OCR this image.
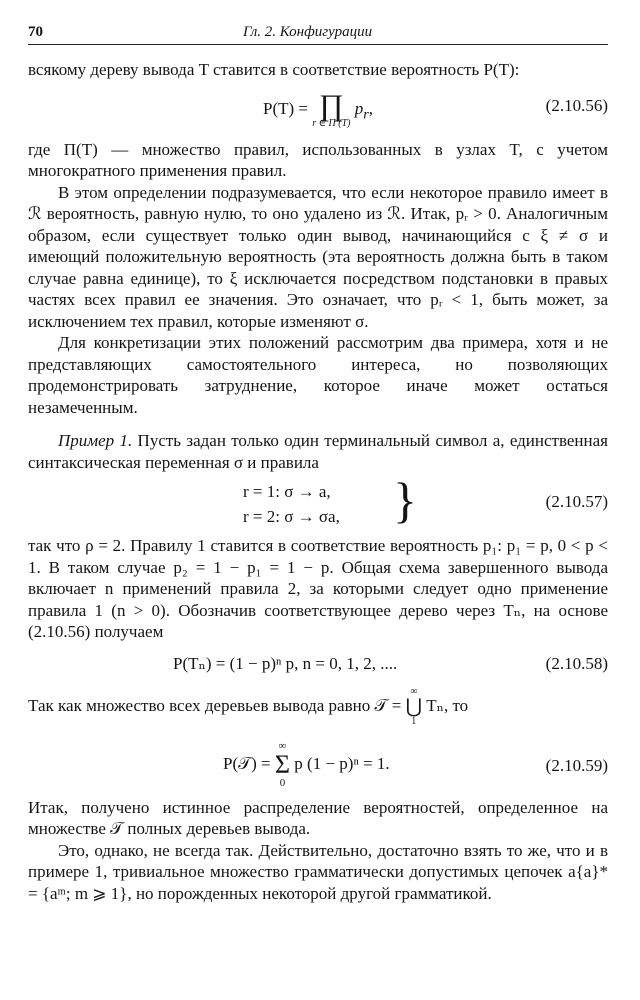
70	Гл. 2. Конфигурации

всякому дереву вывода T ставится в соответствие вероятность P(T):

P(T) = ∏
r ∈ Π (T)
$p_r$,	(2.10.56)

где Π(T) — множество правил, использованных в узлах T, с учетом многократного применения правил.

В этом определении подразумевается, что если некоторое правило имеет в ℛ вероятность, равную нулю, то оно удалено из ℛ. Итак, pᵣ > 0. Аналогичным образом, если существует только один вывод, начинающийся с ξ ≠ σ и имеющий положительную вероятность (эта вероятность должна быть в таком случае равна единице), то ξ исключается посредством подстановки в правых частях всех правил ее значения. Это означает, что pᵣ < 1, быть может, за исключением тех правил, которые изменяют σ.

Для конкретизации этих положений рассмотрим два примера, хотя и не представляющих самостоятельного интереса, но позволяющих продемонстрировать затруднение, которое иначе может остаться незамеченным.

Пример 1. Пусть задан только один терминальный символ a, единственная синтаксическая переменная σ и правила

r = 1: σ → a,
r = 2: σ → σa, }	(2.10.57)

так что ρ = 2. Правилу 1 ставится в соответствие вероятность p₁: p₁ = p, 0 < p < 1. В таком случае p₂ = 1 − p₁ = 1 − p. Общая схема завершенного вывода включает n применений правила 2, за которыми следует одно применение правила 1 (n > 0). Обозначив соответствующее дерево через Tₙ, на основе (2.10.56) получаем

P(Tₙ) = (1 − p)ⁿ p, n = 0, 1, 2, ....	(2.10.58)

Так как множество всех деревьев вывода равно 𝒯 = ∞
⋃
1 Tₙ, то

P(𝒯) = ∞
Σ
0 p (1 − p)ⁿ = 1.	(2.10.59)

Итак, получено истинное распределение вероятностей, определенное на множестве 𝒯 полных деревьев вывода.

Это, однако, не всегда так. Действительно, достаточно взять то же, что и в примере 1, тривиальное множество грамматически допустимых цепочек a{a}* = {aᵐ; m ⩾ 1}, но порожденных некоторой другой грамматикой.
